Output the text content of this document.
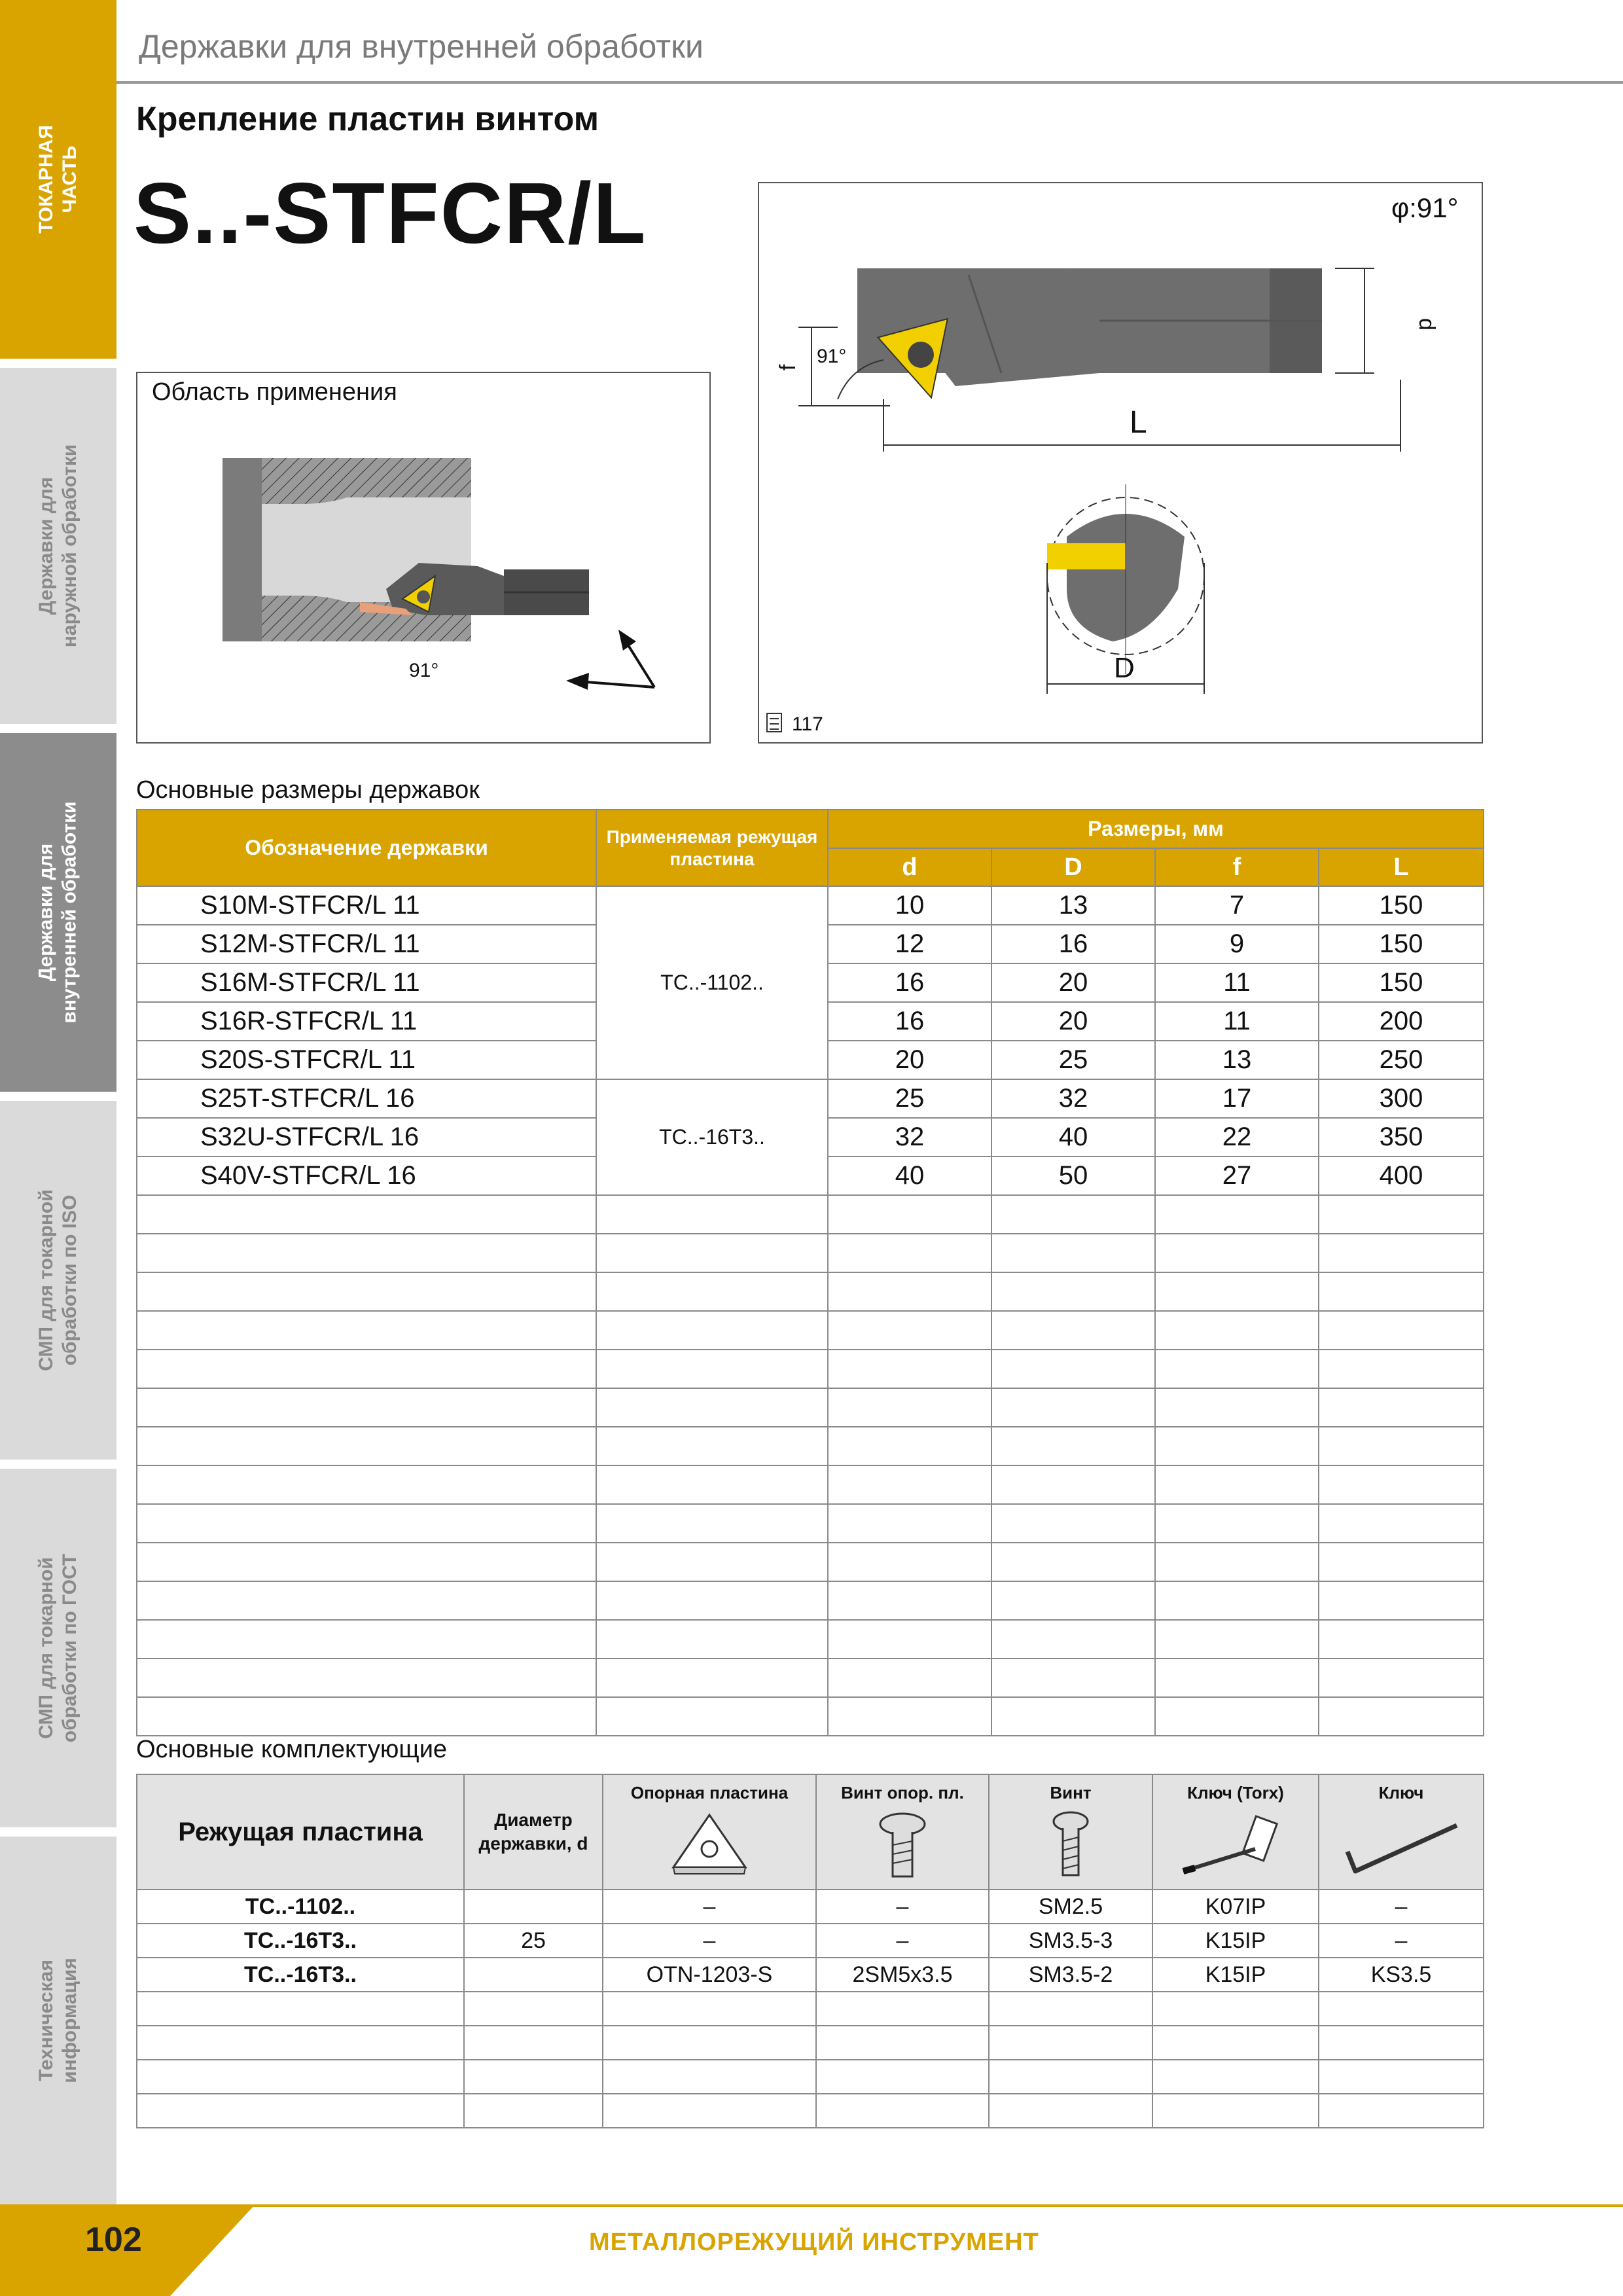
ТОКАРНАЯ ЧАСТЬ
Державки для наружной обработки
Державки для внутренней обработки
СМП для токарной обработки по ISO
СМП для токарной обработки по ГОСТ
Техническая информация
Державки для внутренней обработки
Крепление пластин винтом
S..-STFCR/L
Область применения
91°
φ:91°
91°
f
d
L
D
117
Основные размеры державок
Обозначение державки	Применяемая режущая пластина	Размеры, мм			
		d	D	f	L
S10M-STFCR/L 11	TC..-1102..	10	13	7	150
S12M-STFCR/L 11		12	16	9	150
S16M-STFCR/L 11		16	20	11	150
S16R-STFCR/L 11		16	20	11	200
S20S-STFCR/L 11		20	25	13	250
S25T-STFCR/L 16	TC..-16T3..	25	32	17	300
S32U-STFCR/L 16		32	40	22	350
S40V-STFCR/L 16		40	50	27	400

Основные комплектующие
Режущая пластина	Диаметр державки, d	Опорная пластина	Винт опор. пл.	Винт	Ключ (Torx)	Ключ

TC..-1102..		–	–	SM2.5	K07IP	–
TC..-16T3..	25	–	–	SM3.5-3	K15IP	–
TC..-16T3..		OTN-1203-S	2SM5x3.5	SM3.5-2	K15IP	KS3.5

102	МЕТАЛЛОРЕЖУЩИЙ ИНСТРУМЕНТ
